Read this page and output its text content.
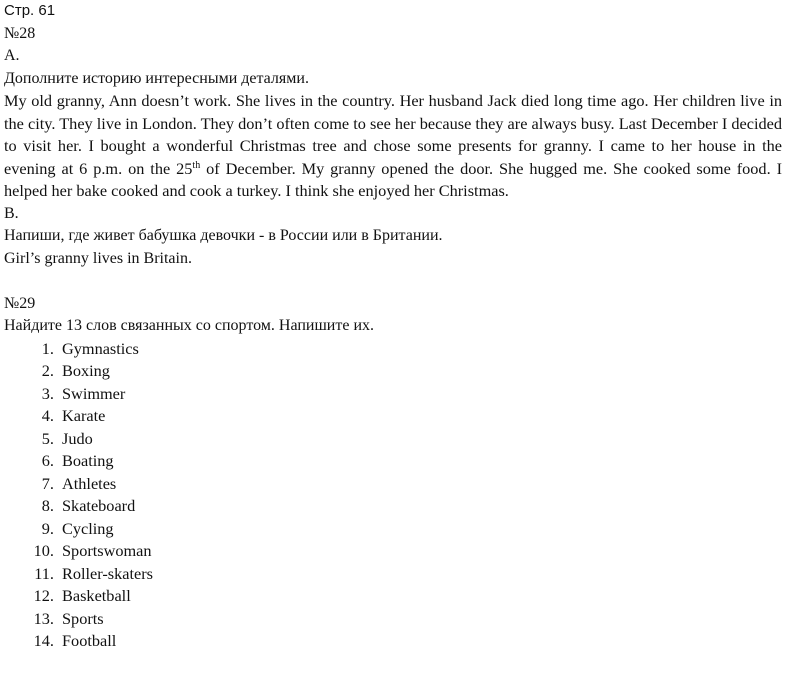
Стр. 61
№28
A.
Дополните историю интересными деталями.

My old granny, Ann doesn’t work. She lives in the country. Her husband Jack died long time ago. Her children live in the city. They live in London. They don’t often come to see her because they are always busy. Last December I decided to visit her. I bought a wonderful Christmas tree and chose some presents for granny. I came to her house in the evening at 6 p.m. on the 25th of December. My granny opened the door. She hugged me. She cooked some food. I helped her bake cooked and cook a turkey. I think she enjoyed her Christmas.

B.
Напиши, где живет бабушка девочки - в России или в Британии.
Girl’s granny lives in Britain.
№29
Найдите 13 слов связанных со спортом. Напишите их.
1. Gymnastics
2. Boxing
3. Swimmer
4. Karate
5. Judo
6. Boating
7. Athletes
8. Skateboard
9. Cycling
10. Sportswoman
11. Roller-skaters
12. Basketball
13. Sports
14. Football
